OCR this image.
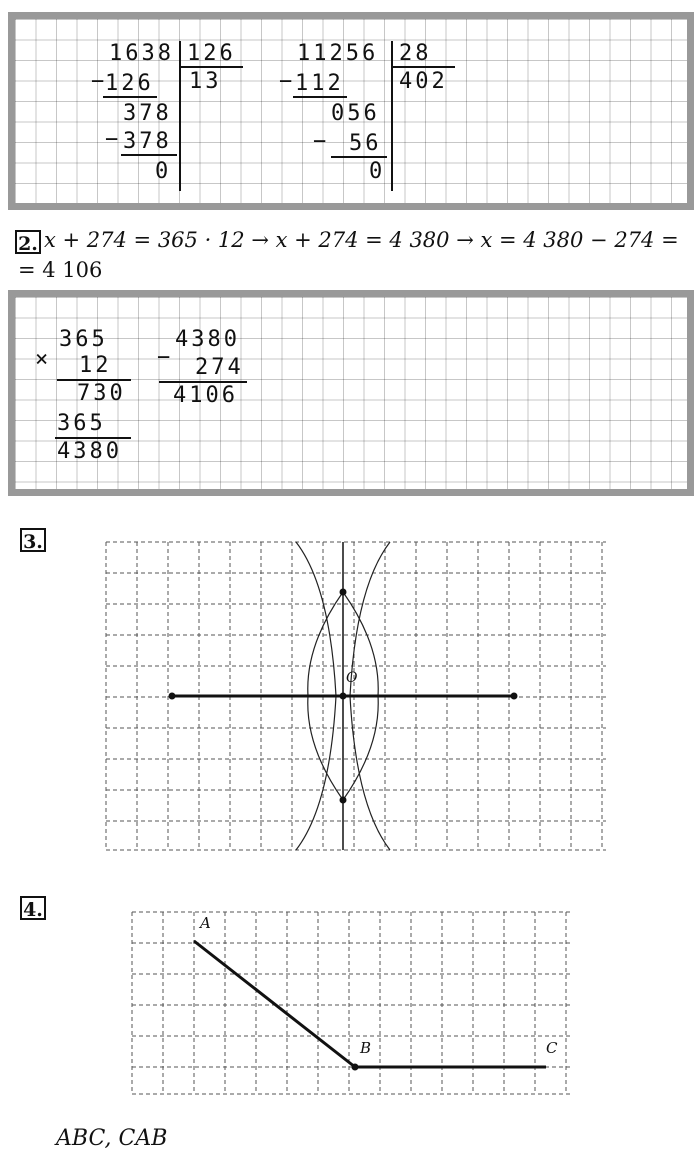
1638 126
13
−
126
378
− 378
0
11256 28
402
− 112
056
− 56
0
2. x + 274 = 365 · 12 → x + 274 = 4 380 → x = 4 380 − 274 =
= 4 106
365
× 12
730
365
4380
4380
− 274
4106
3.
O
4.
A
B	C
ABC, CAB
